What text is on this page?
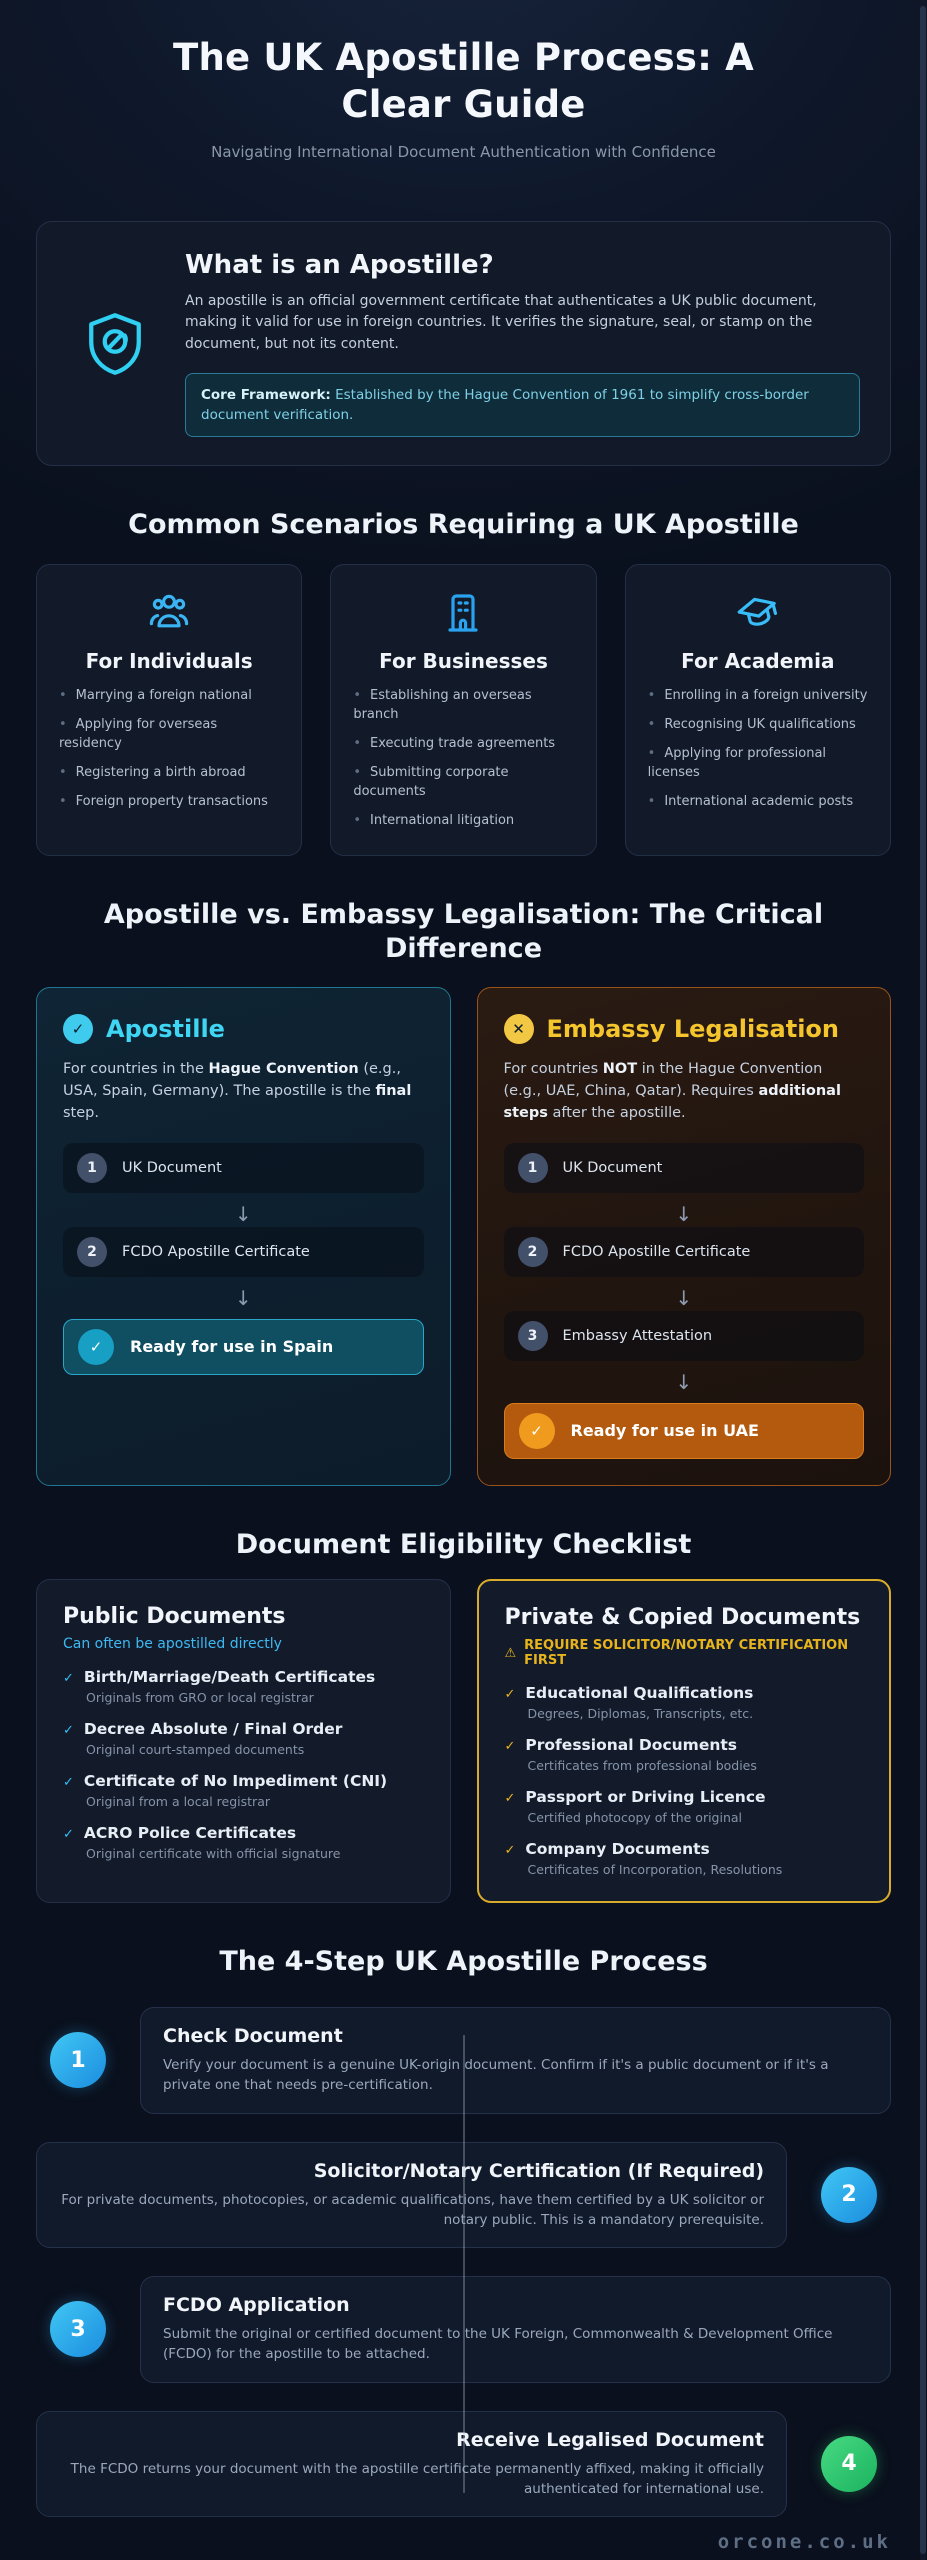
The UK Apostille Process: A Clear Guide

Navigating International Document Authentication with Confidence

What is an Apostille?

An apostille is an official government certificate that authenticates a UK public document, making it valid for use in foreign countries. It verifies the signature, seal, or stamp on the document, but not its content.

Core Framework: Established by the Hague Convention of 1961 to simplify cross-border document verification.
Common Scenarios Requiring a UK Apostille
For Individuals
• Marrying a foreign national
• Applying for overseas residency
• Registering a birth abroad
• Foreign property transactions
For Businesses
• Establishing an overseas branch
• Executing trade agreements
• Submitting corporate documents
• International litigation
For Academia
• Enrolling in a foreign university
• Recognising UK qualifications
• Applying for professional licenses
• International academic posts
Apostille vs. Embassy Legalisation: The Critical Difference
✓ Apostille

For countries in the Hague Convention (e.g., USA, Spain, Germany). The apostille is the final step.

1	UK Document
↓
2	FCDO Apostille Certificate
↓
✓	Ready for use in Spain
✕ Embassy Legalisation

For countries NOT in the Hague Convention (e.g., UAE, China, Qatar). Requires additional steps after the apostille.

1	UK Document
↓
2	FCDO Apostille Certificate
↓
3	Embassy Attestation
↓
✓	Ready for use in UAE
Document Eligibility Checklist
Public Documents

Can often be apostilled directly

✓ Birth/Marriage/Death Certificates

Originals from GRO or local registrar

✓ Decree Absolute / Final Order

Original court-stamped documents

✓ Certificate of No Impediment (CNI)

Original from a local registrar

✓ ACRO Police Certificates

Original certificate with official signature

Private & Copied Documents

⚠ REQUIRE SOLICITOR/NOTARY CERTIFICATION FIRST

✓ Educational Qualifications

Degrees, Diplomas, Transcripts, etc.

✓ Professional Documents

Certificates from professional bodies

✓ Passport or Driving Licence

Certified photocopy of the original

✓ Company Documents

Certificates of Incorporation, Resolutions

The 4-Step UK Apostille Process
1
Check Document

Verify your document is a genuine UK-origin document. Confirm if it's a public document or if it's a private one that needs pre-certification.

2
Solicitor/Notary Certification (If Required)

For private documents, photocopies, or academic qualifications, have them certified by a UK solicitor or notary public. This is a mandatory prerequisite.

3
FCDO Application

Submit the original or certified document to the UK Foreign, Commonwealth & Development Office (FCDO) for the apostille to be attached.

4
Receive Legalised Document

The FCDO returns your document with the apostille certificate permanently affixed, making it officially authenticated for international use.

orcone.co.uk
